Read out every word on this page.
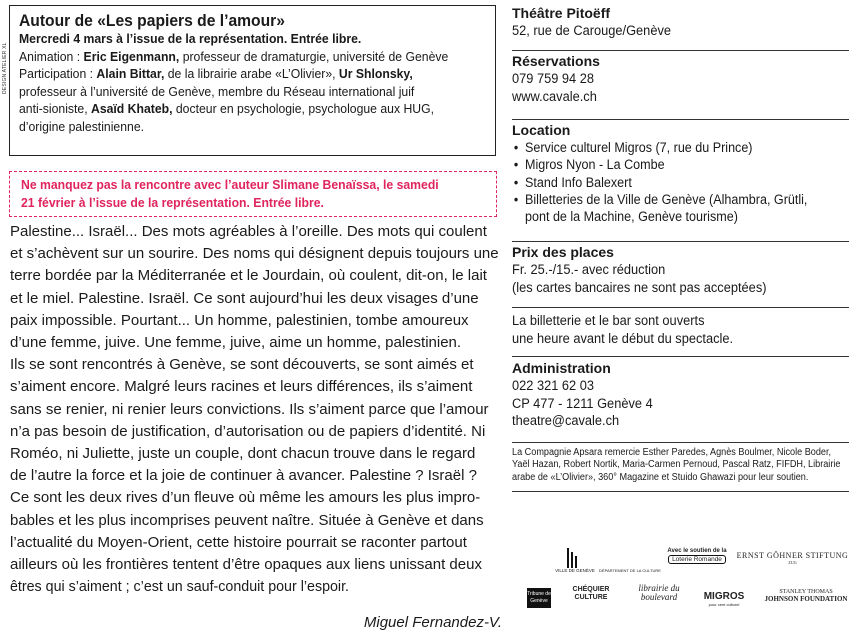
DESIGN ATELIER XL
Autour de «Les papiers de l’amour»
Mercredi 4 mars à l’issue de la représentation. Entrée libre.
Animation : Eric Eigenmann, professeur de dramaturgie, université de Genève
Participation : Alain Bittar, de la librairie arabe «L’Olivier», Ur Shlonsky,
professeur à l’université de Genève, membre du Réseau international juif
anti-sioniste, Asaïd Khateb, docteur en psychologie, psychologue aux HUG,
d’origine palestinienne.
Ne manquez pas la rencontre avec l’auteur Slimane Benaïssa, le samedi
21 février à l’issue de la représentation. Entrée libre.
Palestine... Israël... Des mots agréables à l’oreille. Des mots qui coulent
et s’achèvent sur un sourire. Des noms qui désignent depuis toujours une
terre bordée par la Méditerranée et le Jourdain, où coulent, dit-on, le lait
et le miel. Palestine. Israël. Ce sont aujourd’hui les deux visages d’une
paix impossible. Pourtant... Un homme, palestinien, tombe amoureux
d’une femme, juive. Une femme, juive, aime un homme, palestinien.
Ils se sont rencontrés à Genève, se sont découverts, se sont aimés et
s’aiment encore. Malgré leurs racines et leurs différences, ils s’aiment
sans se renier, ni renier leurs convictions. Ils s’aiment parce que l’amour
n’a pas besoin de justification, d’autorisation ou de papiers d’identité. Ni
Roméo, ni Juliette, juste un couple, dont chacun trouve dans le regard
de l’autre la force et la joie de continuer à avancer. Palestine ? Israël ?
Ce sont les deux rives d’un fleuve où même les amours les plus impro-
bables et les plus incomprises peuvent naître. Située à Genève et dans
l’actualité du Moyen-Orient, cette histoire pourrait se raconter partout
ailleurs où les frontières tentent d’être opaques aux liens unissant deux
êtres qui s’aiment ; c’est un sauf-conduit pour l’espoir.
Miguel Fernandez-V.
Théâtre Pitoëff
52, rue de Carouge/Genève
Réservations
079 759 94 28
www.cavale.ch
Location
• Service culturel Migros (7, rue du Prince)
• Migros Nyon - La Combe
• Stand Info Balexert
• Billetteries de la Ville de Genève (Alhambra, Grütli,
pont de la Machine, Genève tourisme)
Prix des places
Fr. 25.-/15.- avec réduction
(les cartes bancaires ne sont pas acceptées)
La billetterie et le bar sont ouverts
une heure avant le début du spectacle.
Administration
022 321 62 03
CP 477 - 1211 Genève 4
theatre@cavale.ch
La Compagnie Apsara remercie Esther Paredes, Agnès Boulmer, Nicole Boder,
Yaël Hazan, Robert Nortik, Maria-Carmen Pernoud, Pascal Ratz, FIFDH, Librairie
arabe de «L’Olivier», 360° Magazine et Stuido Ghawazi pour leur soutien.
VILLE DE GENÈVE	DÉPARTEMENT DE LA CULTURE
Avec le soutien de la
Loterie Romande	ERNST GÖHNER STIFTUNG
ZUG
Tribune de Genève
CHÉQUIER CULTURE
librairie du boulevard	MIGROS
pour cent culturel
STANLEY THOMAS
JOHNSON FOUNDATION
